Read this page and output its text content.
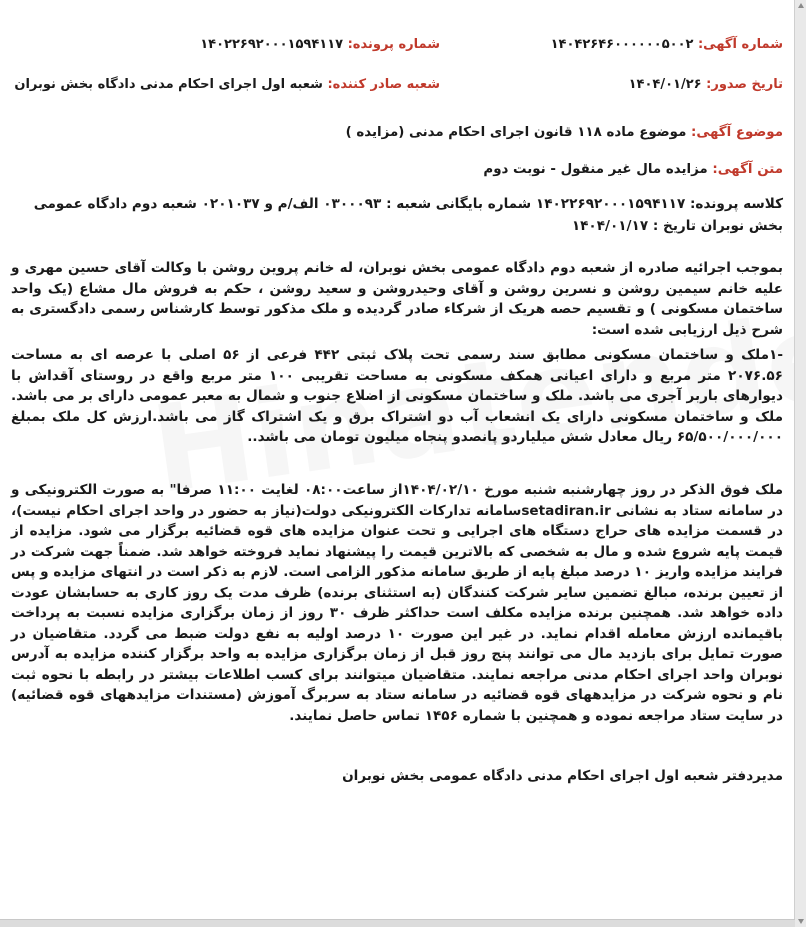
شماره آگهی: ۱۴۰۴۲۶۴۶۰۰۰۰۰۰۵۰۰۲
شماره پرونده: ۱۴۰۲۲۶۹۲۰۰۰۱۵۹۴۱۱۷
تاریخ صدور: ۱۴۰۴/۰۱/۲۶
شعبه صادر کننده: شعبه اول اجرای احکام مدنی دادگاه بخش نوبران
موضوع آگهی: موضوع ماده ۱۱۸ قانون اجرای احکام مدنی (مزایده )
متن آگهی: مزایده مال غیر منقول - نوبت دوم
کلاسه پرونده: ۱۴۰۲۲۶۹۲۰۰۰۱۵۹۴۱۱۷ شماره بایگانی شعبه : ۰۳۰۰۰۹۳ الف/م و ۰۲۰۱۰۳۷ شعبه دوم دادگاه عمومی
بخش نوبران تاریخ : ۱۴۰۴/۰۱/۱۷

بموجب اجرائیه صادره از شعبه دوم دادگاه عمومی بخش نوبران، له خانم پروین روشن با وکالت آقای حسین مهری و علیه خانم سیمین روشن و نسرین روشن و آقای وحیدروشن و سعید روشن ، حکم به فروش مال مشاع (یک واحد ساختمان مسکونی ) و تقسیم حصه هریک از شرکاء صادر گردیده و ملک مذکور توسط کارشناس رسمی دادگستری به شرح ذیل ارزیابی شده است:

-۱ملک و ساختمان مسکونی مطابق سند رسمی تحت پلاک ثبتی ۴۴۲ فرعی از ۵۶ اصلی با عرصه ای به مساحت ۲۰۷۶.۵۶ متر مربع و دارای اعیانی همکف مسکونی به مساحت تقریبی ۱۰۰ متر مربع واقع در روستای آقداش با دیوارهای باربر آجری می باشد. ملک و ساختمان مسکونی از اضلاع جنوب و شمال به معبر عمومی دارای بر می باشد. ملک و ساختمان مسکونی دارای یک انشعاب آب دو اشتراک برق و یک اشتراک گاز می باشد.ارزش کل ملک بمبلغ ۶۵/۵۰۰/۰۰۰/۰۰۰ ریال معادل شش میلیاردو پانصدو پنجاه میلیون تومان می باشد..

ملک فوق الذکر در روز چهارشنبه شنبه مورخ ۱۴۰۴/۰۲/۱۰از ساعت۰۸:۰۰ لغایت ۱۱:۰۰ صرفا" به صورت الکترونیکی و در سامانه ستاد به نشانی setadiran.irسامانه تدارکات الکترونیکی دولت(نیاز به حضور در واحد اجرای احکام نیست)، در قسمت مزایده های حراج دستگاه های اجرایی و تحت عنوان مزایده های قوه قضائیه برگزار می شود. مزایده از قیمت پایه شروع شده و مال به شخصی که بالاترین قیمت را پیشنهاد نماید فروخته خواهد شد. ضمناً جهت شرکت در فرایند مزایده واریز ۱۰ درصد مبلغ پایه از طریق سامانه مذکور الزامی است. لازم به ذکر است در انتهای مزایده و پس از تعیین برنده، مبالغ تضمین سایر شرکت کنندگان (به استثنای برنده) ظرف مدت یک روز کاری به حسابشان عودت داده خواهد شد. همچنین برنده مزایده مکلف است حداکثر ظرف ۳۰ روز از زمان برگزاری مزایده نسبت به پرداخت باقیمانده ارزش معامله اقدام نماید. در غیر این صورت ۱۰ درصد اولیه به نفع دولت ضبط می گردد. متقاضیان در صورت تمایل برای بازدید مال می توانند پنج روز قبل از زمان برگزاری مزایده به واحد برگزار کننده مزایده به آدرس نوبران واحد اجرای احکام مدنی مراجعه نمایند. متقاضیان میتوانند برای کسب اطلاعات بیشتر در رابطه با نحوه ثبت نام و نحوه شرکت در مزایدههای قوه قضائیه در سامانه ستاد به سربرگ آموزش (مستندات مزایدههای قوه قضائیه) در سایت ستاد مراجعه نموده و همچنین با شماره ۱۴۵۶ تماس حاصل نمایند.

مدیردفتر شعبه اول اجرای احکام مدنی دادگاه عمومی بخش نوبران
